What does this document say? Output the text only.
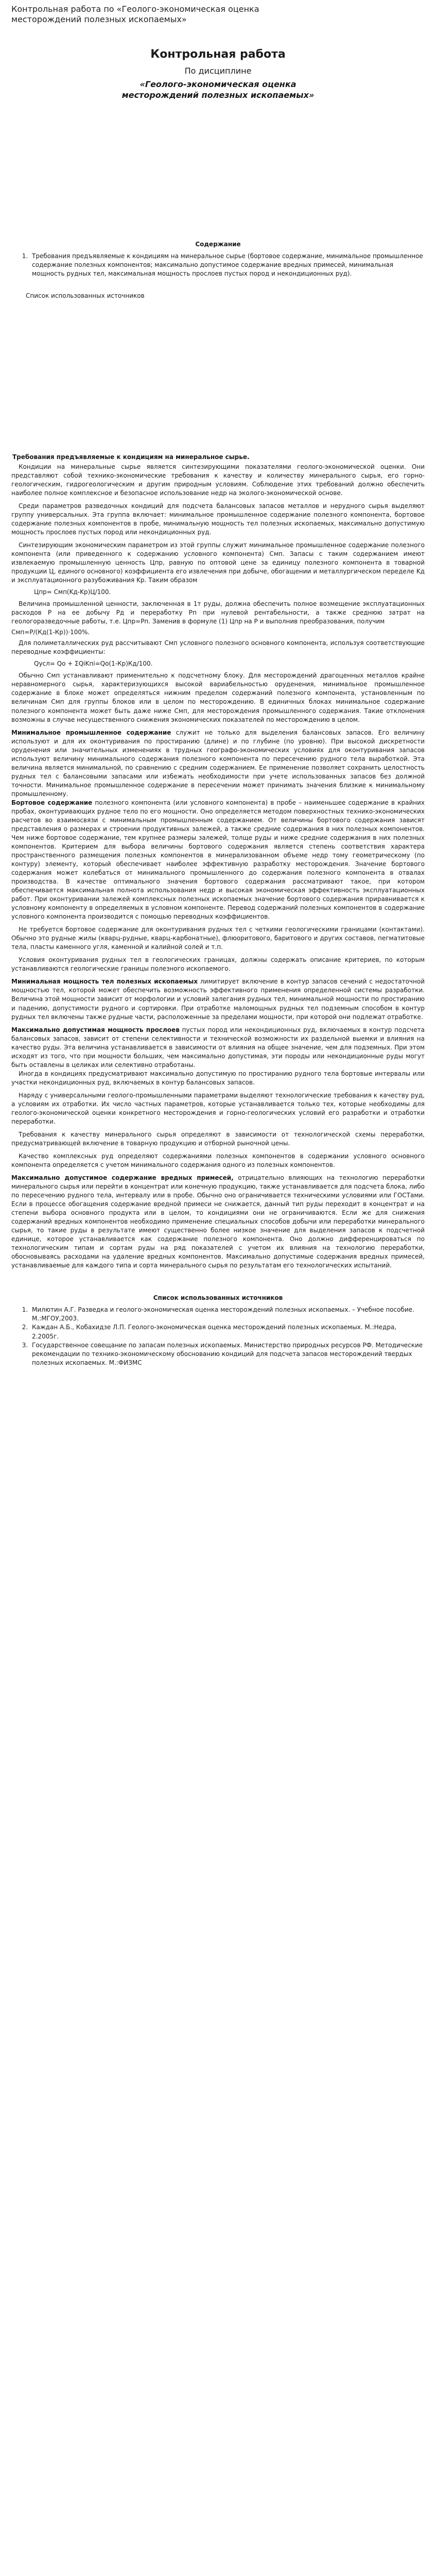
Контрольная работа по «Геолого-экономическая оценка
месторождений полезных ископаемых»
Контрольная работа
По дисциплине
«Геолого-экономическая оценка месторождений полезных ископаемых»
Содержание
1. Требования предъявляемые к кондициям на минеральное сырье (бортовое содержание, минимальное промышленное содержание полезных компонентов; максимально допустимое содержание вредных примесей, минимальная мощность рудных тел, максимальная мощность прослоев пустых пород и некондиционных руд).
Список использованных источников
Требования предъявляемые к кондициям на минеральное сырье.

Кондиции на минеральные сырье является синтезирующими показателями геолого-экономической оценки. Они представляют собой технико-экономические требования к качеству и количеству минерального сырья, его горно-геологическим, гидрогеологическим и другим природным условиям. Соблюдение этих требований должно обеспечить наиболее полное комплексное и безопасное использование недр на эколого-экономической основе.

Среди параметров разведочных кондиций для подсчета балансовых запасов металлов и нерудного сырья выделяют группу универсальных. Эта группа включает: минимальное промышленное содержание полезного компонента, бортовое содержание полезных компонентов в пробе, минимальную мощность тел полезных ископаемых, максимально допустимую мощность прослоев пустых пород или некондиционных руд.

Синтезирующим экономическим параметром из этой группы служит минимальное промышленное содержание полезного компонента (или приведенного к содержанию условного компонента) Cмп. Запасы с таким содержанием имеют извлекаемую промышленную ценность Цпр, равную по оптовой цене за единицу полезного компонента в товарной продукции Ц, единого основного) коэффициента его извлечения при добыче, обогащении и металлургическом переделе Kд и эксплуатационного разубоживания Kр. Таким образом

Цпр= Cмп(Kд-Kр)Ц/100.

Величина промышленной ценности, заключенная в 1т руды, должна обеспечить полное возмещение эксплуатационных расходов Р на ее добычу Рд и переработку Рп при нулевой рентабельности, а также среднюю затрат на геологоразведочные работы, т.е. Цпр=Рп. Заменив в формуле (1) Цпр на Р и выполнив преобразования, получим

Cмп=Р/(Кд(1-Кр))·100%.

Для полиметаллических руд рассчитывают Cмп условного полезного основного компонента, используя соответствующие переводные коэффициенты:

Qусл= Qо + ΣQiKпi=Qо(1-Кр)Кд/100.

Обычно Cмп устанавливают применительно к подсчетному блоку. Для месторождений драгоценных металлов крайне неравномерного сырья, характеризующихся высокой вариабельностью оруденения, минимальное промышленное содержание в блоке может определяться нижним пределом содержаний полезного компонента, установленным по величинам Cмп для группы блоков или в целом по месторождению. В единичных блоках минимальное содержание полезного компонента может быть даже ниже Cмп, для месторождения промышленного содержания. Такие отклонения возможны в случае несущественного снижения экономических показателей по месторождению в целом.

Минимальное промышленное содержание служит не только для выделения балансовых запасов. Его величину используют и для их оконтуривания по простиранию (длине) и по глубине (по уровню). При высокой дискретности оруденения или значительных изменениях в трудных географо-экономических условиях для оконтуривания запасов используют величину минимального содержания полезного компонента по пересечению рудного тела выработкой. Эта величина является минимальной, по сравнению с средним содержанием. Ее применение позволяет сохранить целостность рудных тел с балансовыми запасами или избежать необходимости при учете использованных запасов без должной точности. Минимальное промышленное содержание в пересечении может принимать значения близкие к минимальному промышленному.

Бортовое содержание полезного компонента (или условного компонента) в пробе – наименьшее содержание в крайних пробах, оконтуривающих рудное тело по его мощности. Оно определяется методом поверхностных технико-экономических расчетов во взаимосвязи с минимальным промышленным содержанием. От величины бортового содержания зависят представления о размерах и строении продуктивных залежей, а также средние содержания в них полезных компонентов. Чем ниже бортовое содержание, тем крупнее размеры залежей, толще руды и ниже средние содержания в них полезных компонентов. Критерием для выбора величины бортового содержания является степень соответствия характера пространственного размещения полезных компонентов в минерализованном объеме недр тому геометрическому (по контуру) элементу, который обеспечивает наиболее эффективную разработку месторождения. Значение бортового содержания может колебаться от минимального промышленного до содержания полезного компонента в отвалах производства. В качестве оптимального значения бортового содержания рассматривают такое, при котором обеспечивается максимальная полнота использования недр и высокая экономическая эффективность эксплуатационных работ. При оконтуривании залежей комплексных полезных ископаемых значение бортового содержания приравнивается к условному компоненту в определяемых в условном компоненте. Перевод содержаний полезных компонентов в содержание условного компонента производится с помощью переводных коэффициентов.

Не требуется бортовое содержание для оконтуривания рудных тел с четкими геологическими границами (контактами). Обычно это рудные жилы (кварц-рудные, кварц-карбонатные), флюоритового, баритового и других составов, пегматитовые тела, пласты каменного угля, каменной и калийной солей и т.п.

Условия оконтуривания рудных тел в геологических границах, должны содержать описание критериев, по которым устанавливаются геологические границы полезного ископаемого.

Минимальная мощность тел полезных ископаемых лимитирует включение в контур запасов сечений с недостаточной мощностью тел, которой может обеспечить возможность эффективного применения определенной системы разработки. Величина этой мощности зависит от морфологии и условий залегания рудных тел, минимальной мощности по простиранию и падению, допустимости рудного и сортировки. При отработке маломощных рудных тел подземным способом в контур рудных тел включены также рудные части, расположенные за пределами мощности, при которой они подлежат отработке.

Максимально допустимая мощность прослоев пустых пород или некондиционных руд, включаемых в контур подсчета балансовых запасов, зависит от степени селективности и технической возможности их раздельной выемки и влияния на качество руды. Эта величина устанавливается в зависимости от влияния на общее значение, чем для подземных. При этом исходят из того, что при мощности больших, чем максимально допустимая, эти породы или некондиционные руды могут быть оставлены в целиках или селективно отработаны.

Иногда в кондициях предусматривают максимально допустимую по простиранию рудного тела бортовые интервалы или участки некондиционных руд, включаемых в контур балансовых запасов.

Наряду с универсальными геолого-промышленными параметрами выделяют технологические требования к качеству руд, а условиям их отработки. Их число частных параметров, которые устанавливается только тех, которые необходимы для геолого-экономической оценки конкретного месторождения и горно-геологических условий его разработки и отработки переработки.

Требования к качеству минерального сырья определяют в зависимости от технологической схемы переработки, предусматривающей включение в товарную продукцию и отборной рыночной цены.

Качество комплексных руд определяют содержаниями полезных компонентов в содержании условного основного компонента определяется с учетом минимального содержания одного из полезных компонентов.

Максимально допустимое содержание вредных примесей, отрицательно влияющих на технологию переработки минерального сырья или перейти в концентрат или конечную продукцию, также устанавливается для подсчета блока, либо по пересечению рудного тела, интервалу или в пробе. Обычно оно ограничивается техническими условиями или ГОСТами. Если в процессе обогащения содержание вредной примеси не снижается, данный тип руды переходит в концентрат и на степени выбора основного продукта или в целом, то кондициями они не ограничиваются. Если же для снижения содержаний вредных компонентов необходимо применение специальных способов добычи или переработки минерального сырья, то такие руды в результате имеют существенно более низкое значение для выделения запасов к подсчетной единице, которое устанавливается как содержание полезного компонента. Оно должно дифференцироваться по технологическим типам и сортам руды на ряд показателей с учетом их влияния на технологию переработки, обосновываясь расходами на удаление вредных компонентов. Максимально допустимые содержания вредных примесей, устанавливаемые для каждого типа и сорта минерального сырья по результатам его технологических испытаний.

Список использованных источников
1. Милютин А.Г. Разведка и геолого-экономическая оценка месторождений полезных ископаемых. – Учебное пособие. М.:МГОУ,2003.
2. Каждан А.Б., Кобахидзе Л.П. Геолого-экономическая оценка месторождений полезных ископаемых. М.:Недра, 2.2005г.
3. Государственное совещание по запасам полезных ископаемых. Министерство природных ресурсов РФ. Методические рекомендации по технико-экономическому обоснованию кондиций для подсчета запасов месторождений твердых полезных ископаемых. М.:ФИЗМС
